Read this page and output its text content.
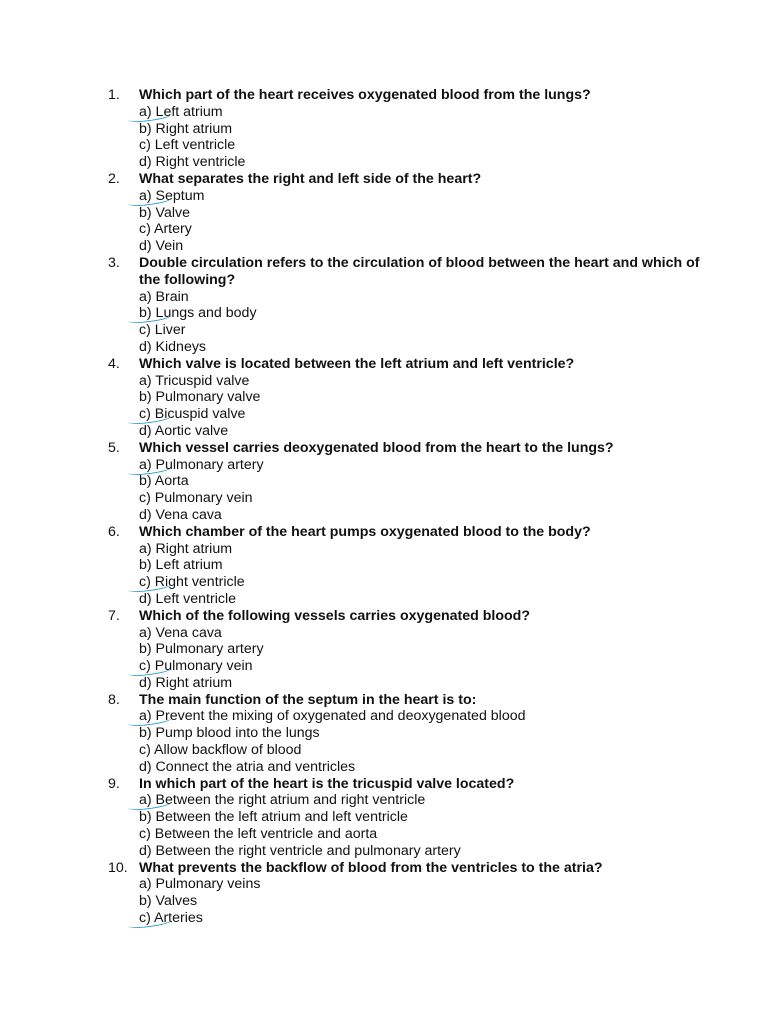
1.	Which part of the heart receives oxygenated blood from the lungs?
a) Left atrium
b) Right atrium
c) Left ventricle
d) Right ventricle
2.	What separates the right and left side of the heart?
a) Septum
b) Valve
c) Artery
d) Vein
3.	Double circulation refers to the circulation of blood between the heart and which of the following?
a) Brain
b) Lungs and body
c) Liver
d) Kidneys
4.	Which valve is located between the left atrium and left ventricle?
a) Tricuspid valve
b) Pulmonary valve
c) Bicuspid valve
d) Aortic valve
5.	Which vessel carries deoxygenated blood from the heart to the lungs?
a) Pulmonary artery
b) Aorta
c) Pulmonary vein
d) Vena cava
6.	Which chamber of the heart pumps oxygenated blood to the body?
a) Right atrium
b) Left atrium
c) Right ventricle
d) Left ventricle
7.	Which of the following vessels carries oxygenated blood?
a) Vena cava
b) Pulmonary artery
c) Pulmonary vein
d) Right atrium
8.	The main function of the septum in the heart is to:
a) Prevent the mixing of oxygenated and deoxygenated blood
b) Pump blood into the lungs
c) Allow backflow of blood
d) Connect the atria and ventricles
9.	In which part of the heart is the tricuspid valve located?
a) Between the right atrium and right ventricle
b) Between the left atrium and left ventricle
c) Between the left ventricle and aorta
d) Between the right ventricle and pulmonary artery
10. What prevents the backflow of blood from the ventricles to the atria?
a) Pulmonary veins
b) Valves
c) Arteries
